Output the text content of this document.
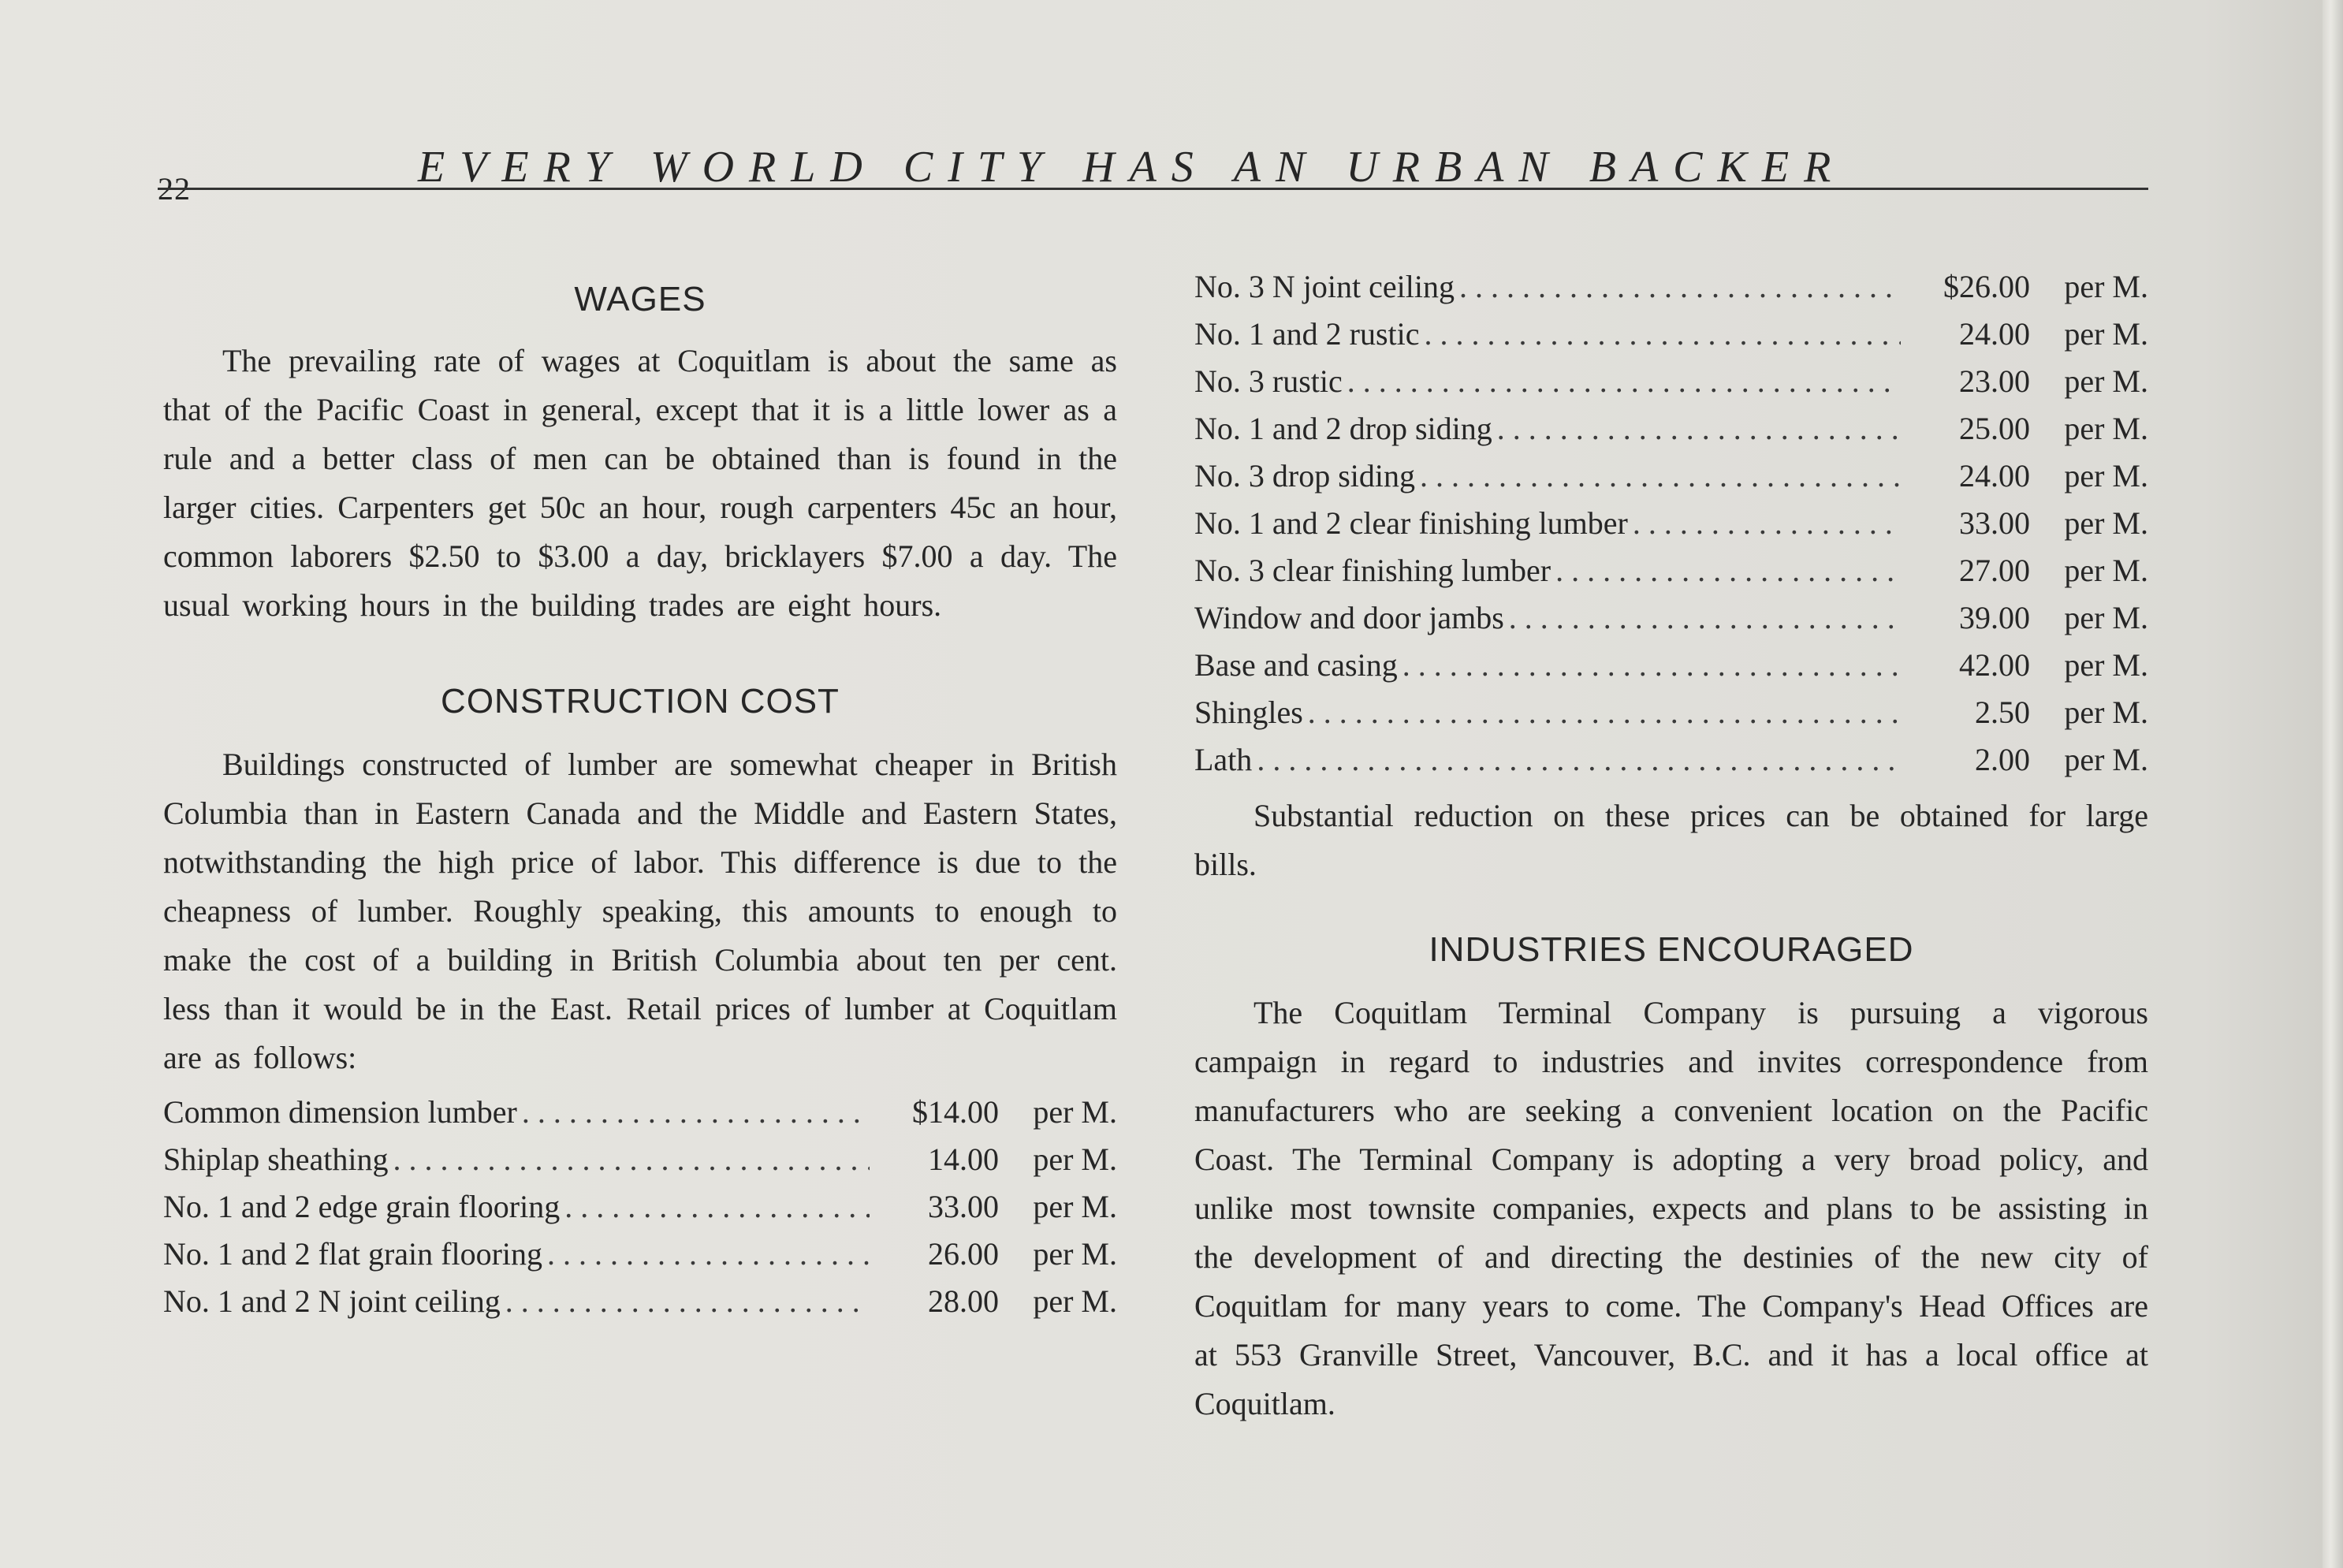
22	EVERY WORLD CITY HAS AN URBAN BACKER
WAGES

The prevailing rate of wages at Coquitlam is about the same as that of the Pacific Coast in general, except that it is a little lower as a rule and a better class of men can be obtained than is found in the larger cities. Carpenters get 50c an hour, rough carpenters 45c an hour, common laborers $2.50 to $3.00 a day, bricklayers $7.00 a day. The usual working hours in the building trades are eight hours.

CONSTRUCTION COST

Buildings constructed of lumber are somewhat cheaper in British Columbia than in Eastern Canada and the Middle and Eastern States, notwithstanding the high price of labor. This difference is due to the cheapness of lumber. Roughly speaking, this amounts to enough to make the cost of a building in British Columbia about ten per cent. less than it would be in the East. Retail prices of lumber at Coquitlam are as follows:

Common dimension lumber . . .	$14.00	per M.
Shiplap sheathing . . .	14.00	per M.
No. 1 and 2 edge grain flooring . . .	33.00	per M.
No. 1 and 2 flat grain flooring . . .	26.00	per M.
No. 1 and 2 N joint ceiling . . .	28.00	per M.
No. 3 N joint ceiling . . .	$26.00	per M.
No. 1 and 2 rustic . . .	24.00	per M.
No. 3 rustic . . .	23.00	per M.
No. 1 and 2 drop siding . . .	25.00	per M.
No. 3 drop siding . . .	24.00	per M.
No. 1 and 2 clear finishing lumber . . .	33.00	per M.
No. 3 clear finishing lumber . . .	27.00	per M.
Window and door jambs . . .	39.00	per M.
Base and casing . . .	42.00	per M.
Shingles . . .	2.50	per M.
Lath . . .	2.00	per M.

Substantial reduction on these prices can be obtained for large bills.

INDUSTRIES ENCOURAGED

The Coquitlam Terminal Company is pursuing a vigorous campaign in regard to industries and invites correspondence from manufacturers who are seeking a convenient location on the Pacific Coast. The Terminal Company is adopting a very broad policy, and unlike most townsite companies, expects and plans to be assisting in the development of and directing the destinies of the new city of Coquitlam for many years to come. The Company's Head Offices are at 553 Granville Street, Vancouver, B.C. and it has a local office at Coquitlam.
